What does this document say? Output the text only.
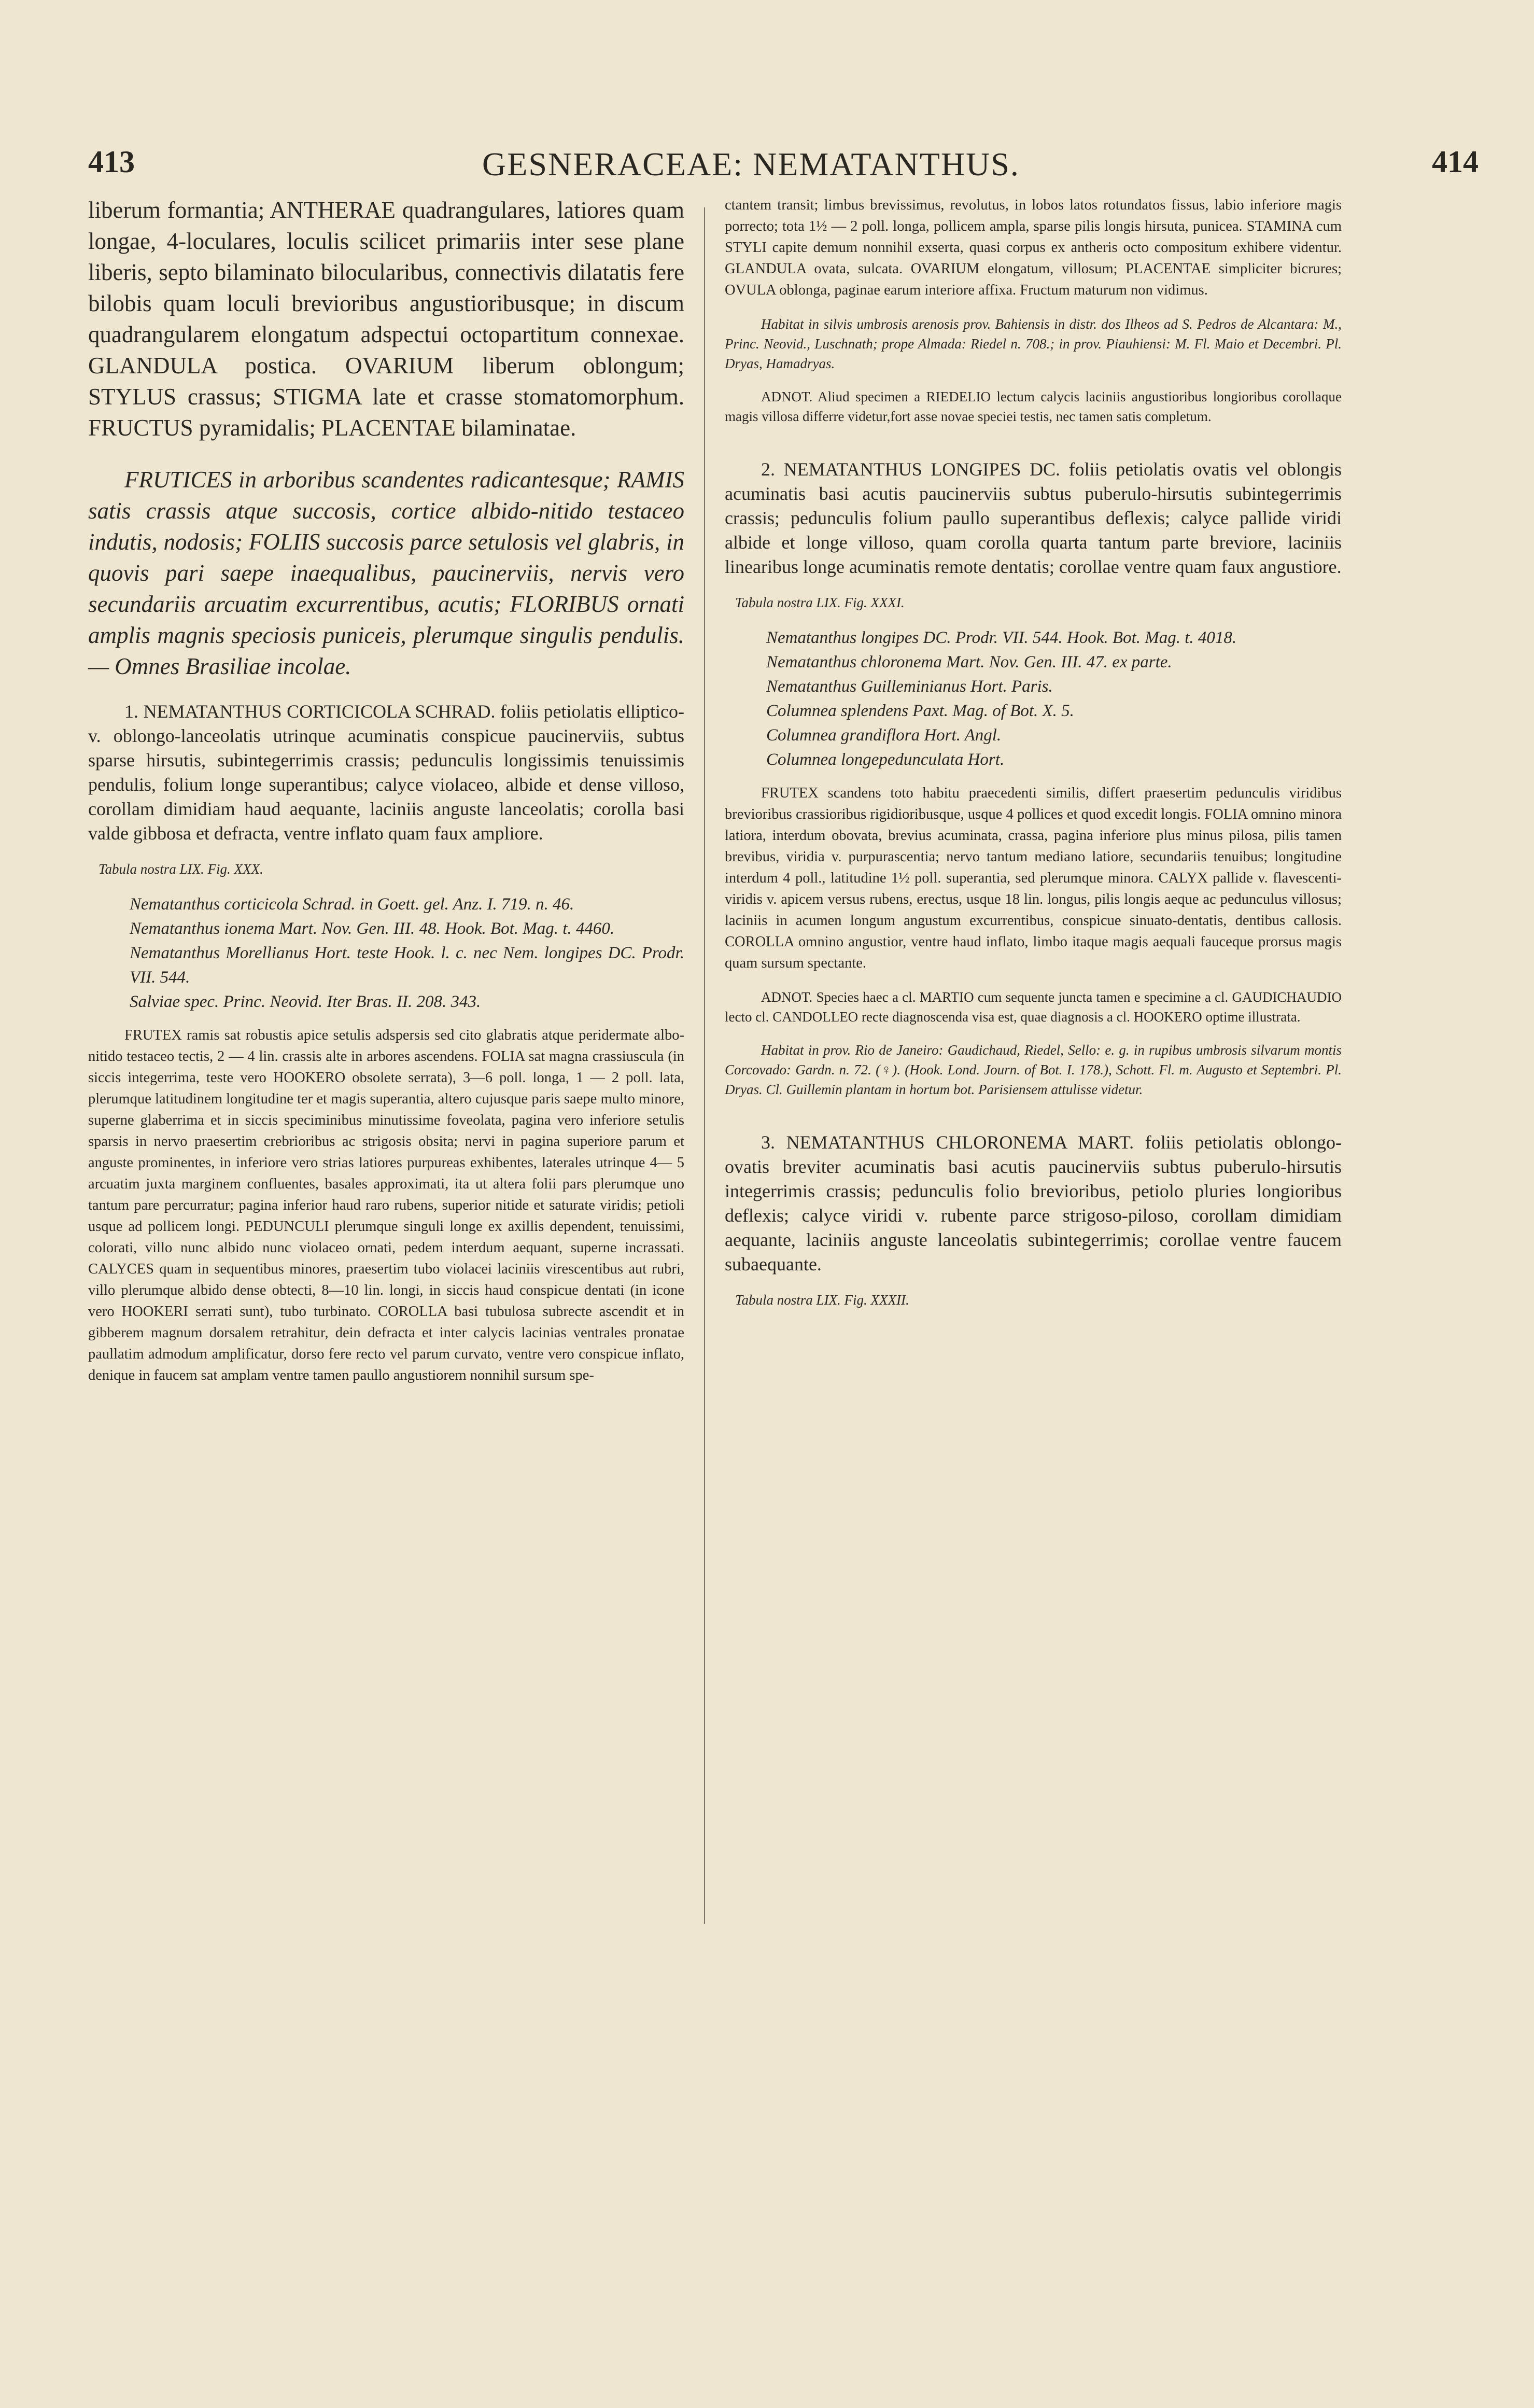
413	GESNERACEAE: NEMATANTHUS.	414

liberum formantia; ANTHERAE quadrangulares, latiores quam longae, 4-loculares, loculis scilicet primariis inter sese plane liberis, septo bilaminato bilocularibus, connectivis dilatatis fere bilobis quam loculi brevioribus angustioribusque; in discum quadrangularem elongatum adspectui octopartitum connexae. GLANDULA postica. OVARIUM liberum oblongum; STYLUS crassus; STIGMA late et crasse stomatomorphum. FRUCTUS pyramidalis; PLACENTAE bilaminatae.

FRUTICES in arboribus scandentes radicantesque; RAMIS satis crassis atque succosis, cortice albido-nitido testaceo indutis, nodosis; FOLIIS succosis parce setulosis vel glabris, in quovis pari saepe inaequalibus, paucinerviis, nervis vero secundariis arcuatim excurrentibus, acutis; FLORIBUS ornati amplis magnis speciosis puniceis, plerumque singulis pendulis. — Omnes Brasiliae incolae.

1. NEMATANTHUS CORTICICOLA SCHRAD. foliis petiolatis elliptico- v. oblongo-lanceolatis utrinque acuminatis conspicue paucinerviis, subtus sparse hirsutis, subintegerrimis crassis; pedunculis longissimis tenuissimis pendulis, folium longe superantibus; calyce violaceo, albide et dense villoso, corollam dimidiam haud aequante, laciniis anguste lanceolatis; corolla basi valde gibbosa et defracta, ventre inflato quam faux ampliore.

Tabula nostra LIX. Fig. XXX.

Nematanthus corticicola Schrad. in Goett. gel. Anz. I. 719. n. 46.

Nematanthus ionema Mart. Nov. Gen. III. 48. Hook. Bot. Mag. t. 4460.

Nematanthus Morellianus Hort. teste Hook. l. c. nec Nem. longipes DC. Prodr. VII. 544.

Salviae spec. Princ. Neovid. Iter Bras. II. 208. 343.

FRUTEX ramis sat robustis apice setulis adspersis sed cito glabratis atque peridermate albo-nitido testaceo tectis, 2 — 4 lin. crassis alte in arbores ascendens. FOLIA sat magna crassiuscula (in siccis integerrima, teste vero HOOKERO obsolete serrata), 3—6 poll. longa, 1 — 2 poll. lata, plerumque latitudinem longitudine ter et magis superantia, altero cujusque paris saepe multo minore, superne glaberrima et in siccis speciminibus minutissime foveolata, pagina vero inferiore setulis sparsis in nervo praesertim crebrioribus ac strigosis obsita; nervi in pagina superiore parum et anguste prominentes, in inferiore vero strias latiores purpureas exhibentes, laterales utrinque 4— 5 arcuatim juxta marginem confluentes, basales approximati, ita ut altera folii pars plerumque uno tantum pare percurratur; pagina inferior haud raro rubens, superior nitide et saturate viridis; petioli usque ad pollicem longi. PEDUNCULI plerumque singuli longe ex axillis dependent, tenuissimi, colorati, villo nunc albido nunc violaceo ornati, pedem interdum aequant, superne incrassati. CALYCES quam in sequentibus minores, praesertim tubo violacei laciniis virescentibus aut rubri, villo plerumque albido dense obtecti, 8—10 lin. longi, in siccis haud conspicue dentati (in icone vero HOOKERI serrati sunt), tubo turbinato. COROLLA basi tubulosa subrecte ascendit et in gibberem magnum dorsalem retrahitur, dein defracta et inter calycis lacinias ventrales pronatae paullatim admodum amplificatur, dorso fere recto vel parum curvato, ventre vero conspicue inflato, denique in faucem sat amplam ventre tamen paullo angustiorem nonnihil sursum spe-

ctantem transit; limbus brevissimus, revolutus, in lobos latos rotundatos fissus, labio inferiore magis porrecto; tota 1½ — 2 poll. longa, pollicem ampla, sparse pilis longis hirsuta, punicea. STAMINA cum STYLI capite demum nonnihil exserta, quasi corpus ex antheris octo compositum exhibere videntur. GLANDULA ovata, sulcata. OVARIUM elongatum, villosum; PLACENTAE simpliciter bicrures; OVULA oblonga, paginae earum interiore affixa. Fructum maturum non vidimus.

Habitat in silvis umbrosis arenosis prov. Bahiensis in distr. dos Ilheos ad S. Pedros de Alcantara: M., Princ. Neovid., Luschnath; prope Almada: Riedel n. 708.; in prov. Piauhiensi: M. Fl. Maio et Decembri. Pl. Dryas, Hamadryas.

ADNOT. Aliud specimen a RIEDELIO lectum calycis laciniis angustioribus longioribus corollaque magis villosa differre videtur,fort asse novae speciei testis, nec tamen satis completum.

2. NEMATANTHUS LONGIPES DC. foliis petiolatis ovatis vel oblongis acuminatis basi acutis paucinerviis subtus puberulo-hirsutis subintegerrimis crassis; pedunculis folium paullo superantibus deflexis; calyce pallide viridi albide et longe villoso, quam corolla quarta tantum parte breviore, laciniis linearibus longe acuminatis remote dentatis; corollae ventre quam faux angustiore.

Tabula nostra LIX. Fig. XXXI.

Nematanthus longipes DC. Prodr. VII. 544. Hook. Bot. Mag. t. 4018.

Nematanthus chloronema Mart. Nov. Gen. III. 47. ex parte.

Nematanthus Guilleminianus Hort. Paris.

Columnea splendens Paxt. Mag. of Bot. X. 5.

Columnea grandiflora Hort. Angl.

Columnea longepedunculata Hort.

FRUTEX scandens toto habitu praecedenti similis, differt praesertim pedunculis viridibus brevioribus crassioribus rigidioribusque, usque 4 pollices et quod excedit longis. FOLIA omnino minora latiora, interdum obovata, brevius acuminata, crassa, pagina inferiore plus minus pilosa, pilis tamen brevibus, viridia v. purpurascentia; nervo tantum mediano latiore, secundariis tenuibus; longitudine interdum 4 poll., latitudine 1½ poll. superantia, sed plerumque minora. CALYX pallide v. flavescenti-viridis v. apicem versus rubens, erectus, usque 18 lin. longus, pilis longis aeque ac pedunculus villosus; laciniis in acumen longum angustum excurrentibus, conspicue sinuato-dentatis, dentibus callosis. COROLLA omnino angustior, ventre haud inflato, limbo itaque magis aequali fauceque prorsus magis quam sursum spectante.

ADNOT. Species haec a cl. MARTIO cum sequente juncta tamen e specimine a cl. GAUDICHAUDIO lecto cl. CANDOLLEO recte diagnoscenda visa est, quae diagnosis a cl. HOOKERO optime illustrata.

Habitat in prov. Rio de Janeiro: Gaudichaud, Riedel, Sello: e. g. in rupibus umbrosis silvarum montis Corcovado: Gardn. n. 72. (♀). (Hook. Lond. Journ. of Bot. I. 178.), Schott. Fl. m. Augusto et Septembri. Pl. Dryas. Cl. Guillemin plantam in hortum bot. Parisiensem attulisse videtur.

3. NEMATANTHUS CHLORONEMA MART. foliis petiolatis oblongo-ovatis breviter acuminatis basi acutis paucinerviis subtus puberulo-hirsutis integerrimis crassis; pedunculis folio brevioribus, petiolo pluries longioribus deflexis; calyce viridi v. rubente parce strigoso-piloso, corollam dimidiam aequante, laciniis anguste lanceolatis subintegerrimis; corollae ventre faucem subaequante.

Tabula nostra LIX. Fig. XXXII.
